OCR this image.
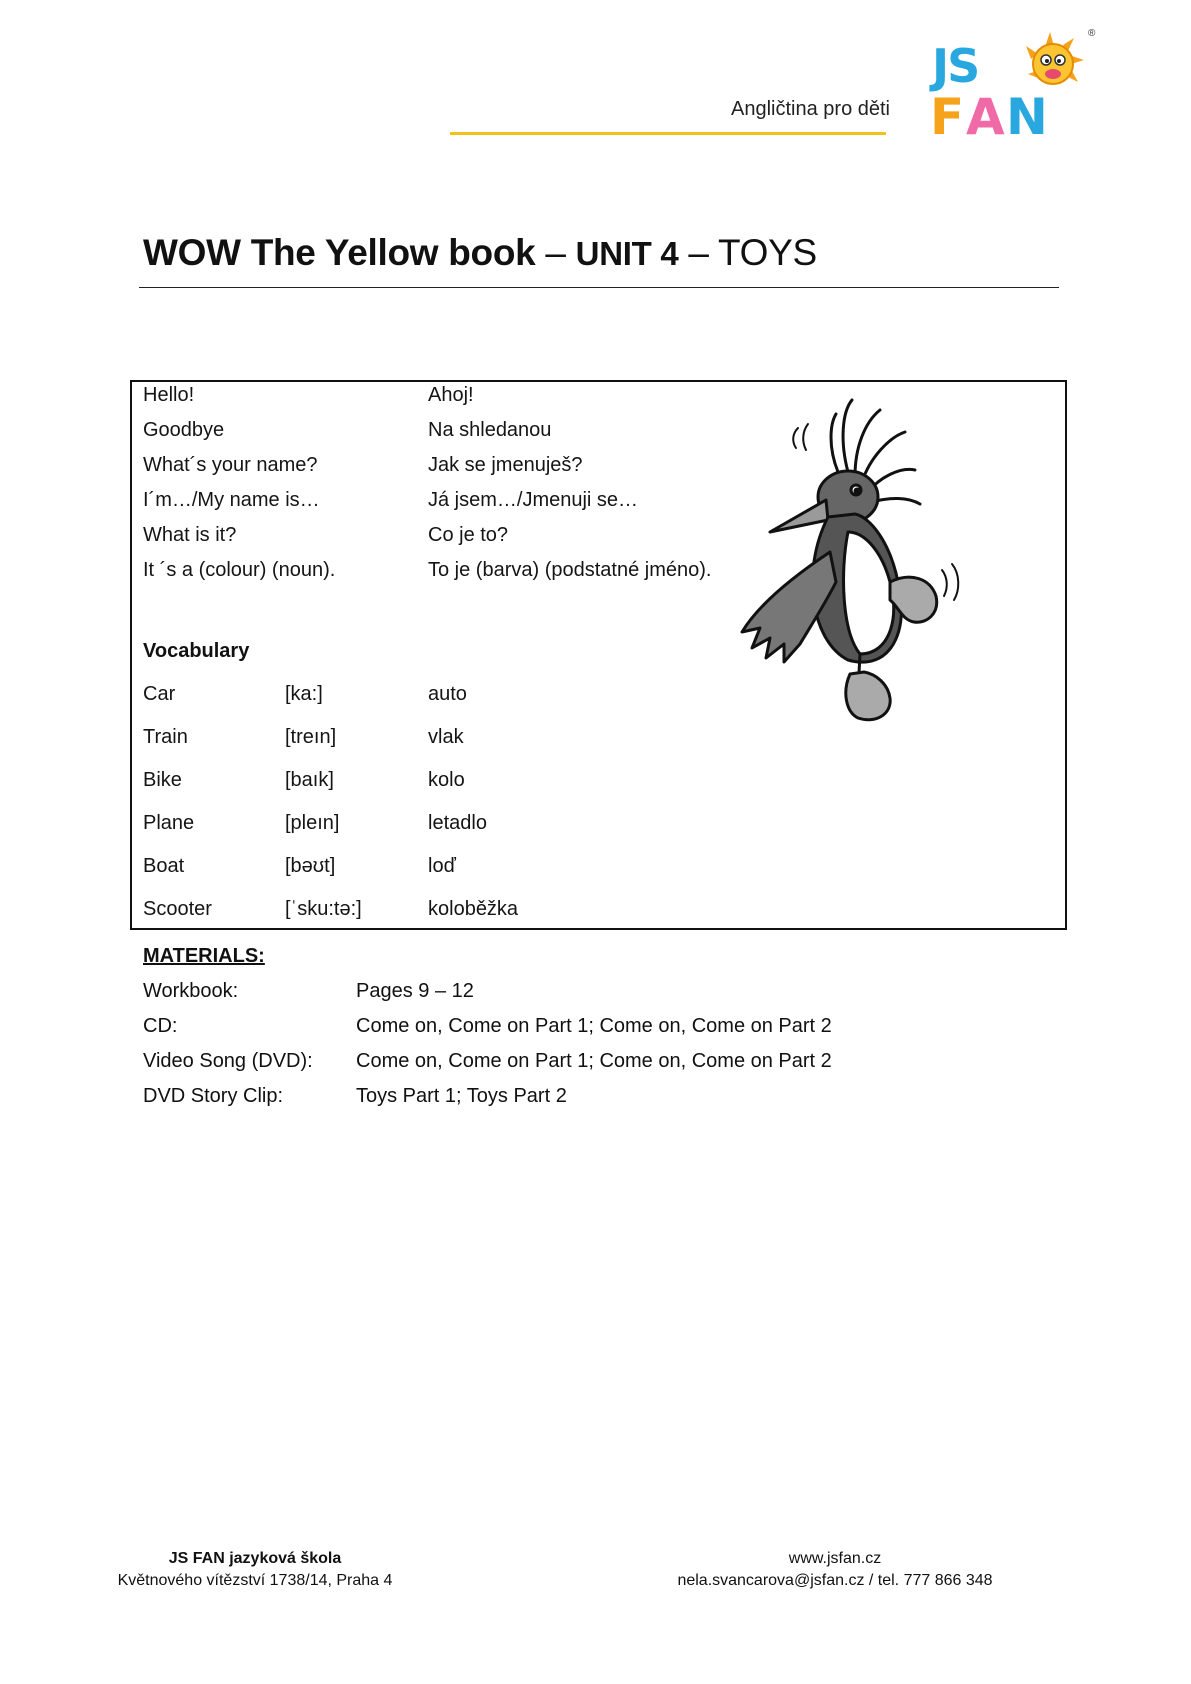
Angličtina pro děti
®
JS
F A N
WOW The Yellow book – UNIT 4 – TOYS
Hello!	Ahoj!
Goodbye	Na shledanou
What´s your name?	Jak se jmenuješ?
I´m…/My name is…	Já jsem…/Jmenuji se…
What is it?	Co je to?
It ´s a (colour) (noun).	To je (barva) (podstatné jméno).
Vocabulary
Car	[ka:]	auto
Train	[treın]	vlak
Bike	[baık]	kolo
Plane	[pleın]	letadlo
Boat	[bəʊt]	loď
Scooter	[ˈsku:tə:]	koloběžka
MATERIALS:
Workbook:	Pages 9 – 12
CD:	Come on, Come on Part 1; Come on, Come on Part 2
Video Song (DVD): Come on, Come on Part 1; Come on, Come on Part 2
DVD Story Clip:	Toys Part 1; Toys Part 2
JS FAN jazyková škola
Květnového vítězství 1738/14, Praha 4
www.jsfan.cz
nela.svancarova@jsfan.cz / tel. 777 866 348
